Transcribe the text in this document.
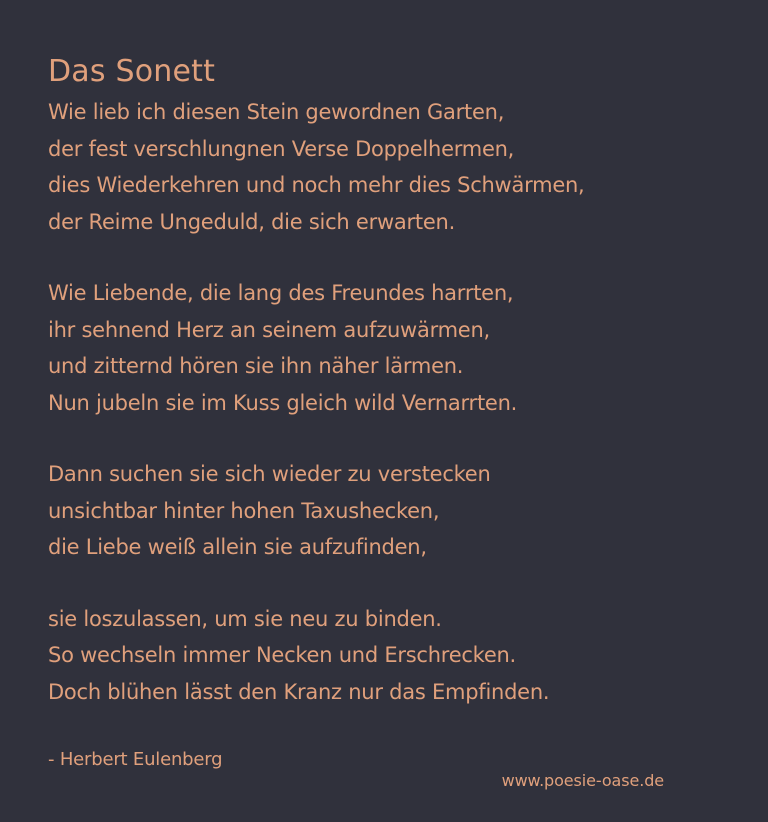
Das Sonett
Wie lieb ich diesen Stein gewordnen Garten,
der fest verschlungnen Verse Doppelhermen,
dies Wiederkehren und noch mehr dies Schwärmen,
der Reime Ungeduld, die sich erwarten.
Wie Liebende, die lang des Freundes harrten,
ihr sehnend Herz an seinem aufzuwärmen,
und zitternd hören sie ihn näher lärmen.
Nun jubeln sie im Kuss gleich wild Vernarrten.
Dann suchen sie sich wieder zu verstecken
unsichtbar hinter hohen Taxushecken,
die Liebe weiß allein sie aufzufinden,
sie loszulassen, um sie neu zu binden.
So wechseln immer Necken und Erschrecken.
Doch blühen lässt den Kranz nur das Empfinden.
- Herbert Eulenberg
www.poesie-oase.de
